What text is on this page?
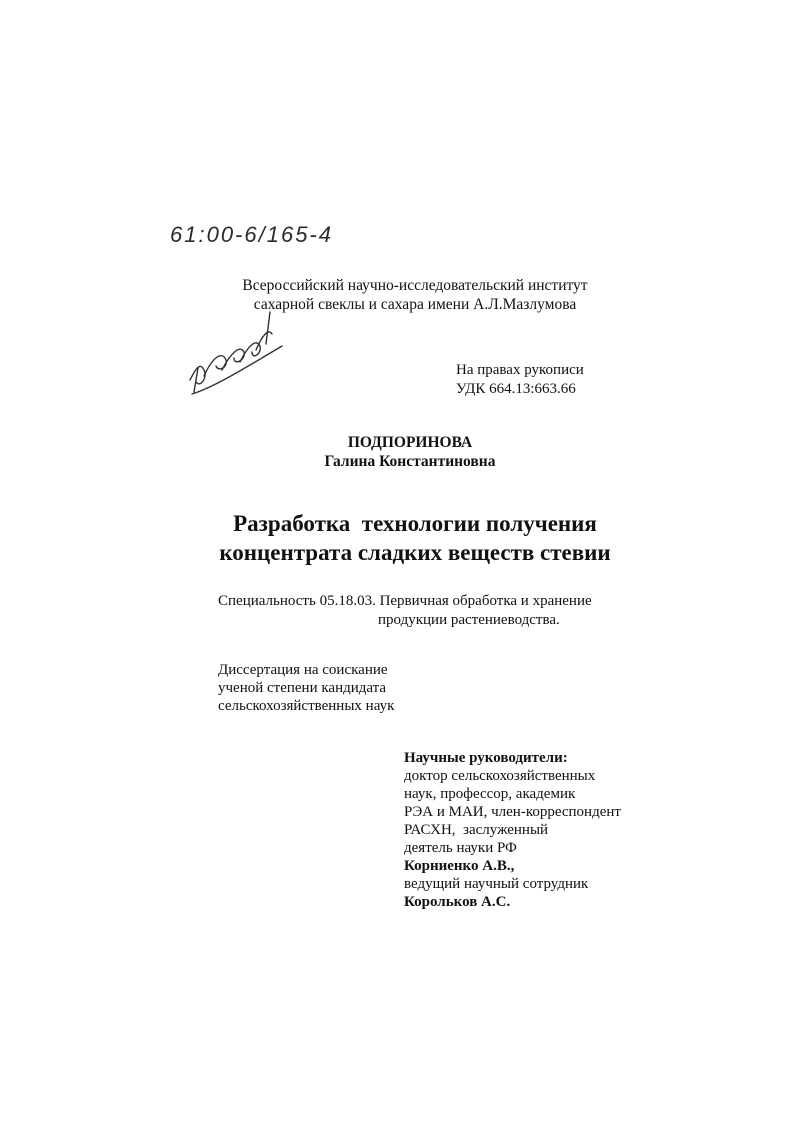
61:00-6/165-4
Всероссийский научно-исследовательский институт
сахарной свеклы и сахара имени А.Л.Мазлумова
На правах рукописи
УДК 664.13:663.66
ПОДПОРИНОВА
Галина Константиновна
Разработка  технологии получения
концентрата сладких веществ стевии
Специальность 05.18.03. Первичная обработка и хранение
продукции растениеводства.
Диссертация на соискание
ученой степени кандидата
сельскохозяйственных наук
Научные руководители:
доктор сельскохозяйственных
наук, профессор, академик
РЭА и МАИ, член-корреспондент
РАСХН,  заслуженный
деятель науки РФ
Корниенко А.В.,
ведущий научный сотрудник
Корольков А.С.
